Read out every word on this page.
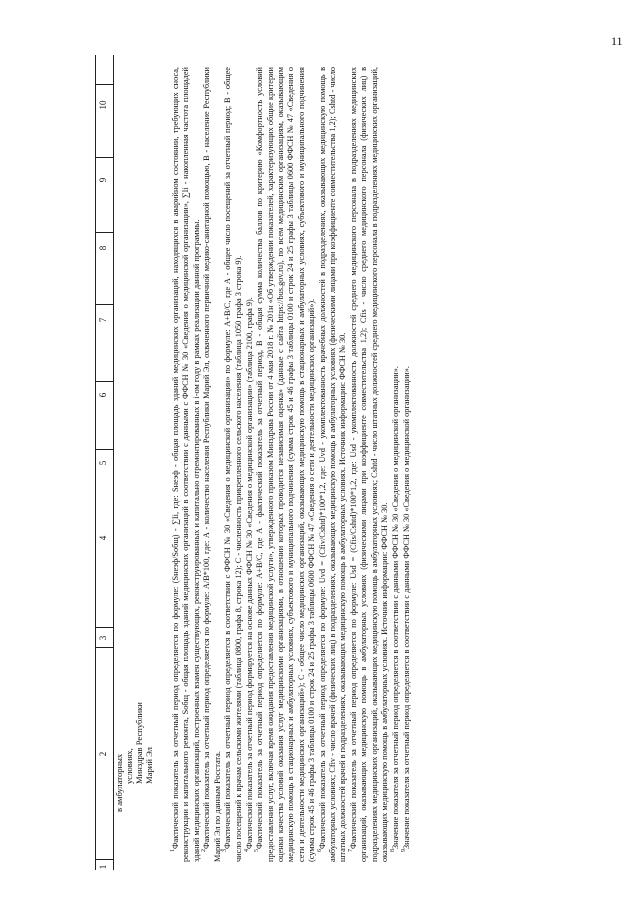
11
1
2
3
4
5
6
7
8
9
10
в амбулаторных условиях, Минздрав Республики Марий Эл

$^1$Фактический показатель за отчетный период определяется по формуле: (Sнеэф/Sобщ) - ∑Ii, где: Sнеэф - общая площадь зданий медицинских организаций, находящихся в аварийном состоянии, требующих сноса, реконструкции и капитального ремонта, Sобщ - общая площадь зданий медицинских организаций в соответствии с данными с ФФСН № 30 «Сведения о медицинской организации», ∑Ii - накопленная частота площадей зданий медицинских организаций, построенных взамен существующих, реконструированных и капитально отремонтированных в i-ом году в рамках реализации данной программы. $^2$Фактический показатель за отчетный период определяется по формуле: А/В*100, где: А - количество населения Республики Марий Эл, охваченного первичной медико-санитарной помощью, В - население Республики Марий Эл по данным Росстата. $^3$Фактический показатель за отчетный период определяется в соответствии с ФФСН № 30 «Сведения о медицинской организации» по формуле: А+В/С, где А - общее число посещений за отчетный период; В - общее число посещений к врачам сельскими жителями (таблица 0800, графа 8, строка 12); С - численность прикрепленного сельского населения (таблица 1050 графа 3 строка 9). $^4$Фактический показатель за отчетный период формируется на основе данных ФФСН № 30 «Сведения о медицинской организации» (таблица 2100, графа 9).

$^5$Фактический показатель за отчетный период определяется по формуле: А+В/С, где А - фактический показатель за отчетный период, В - общая сумма количества баллов по критерию «Комфортность условий предоставления услуг, включая время ожидания предоставления медицинской услуги», утвержденного приказом Минздрава России от 4 мая 2018 г. № 201н «Об утверждении показателей, характеризующих общие критерии оценки качества условий оказания услуг медицинскими организациями, в отношении которых проводится независимая оценка» (данные с сайта https://bus.gov.ru), по всем медицинским организациям, оказывающим медицинскую помощь в стационарных и амбулаторных условиях, субъектового и муниципального подчинения (сумма строк 45 и 46 графы 3 таблицы 0100 и строк 24 и 25 графы 3 таблицы 0600 ФФСН № 47 «Сведения о сети и деятельности медицинских организаций»); С - общее число медицинских организаций, оказывающих медицинскую помощь в стационарных и амбулаторных условиях, субъектового и муниципального подчинения (сумма строк 45 и 46 графы 3 таблицы 0100 и строк 24 и 25 графы 3 таблицы 0600 ФФСН № 47 «Сведения о сети и деятельности медицинских организаций»). $^6$Фактический показатель за отчетный период определяется по формуле: Uvd = (Cfiv/Cshtd)*100*1,2, где: Uvd - укомплектованность врачебных должностей в подразделениях, оказывающих медицинскую помощь в амбулаторных условиях; Cfiv - число врачей (физических лиц) в подразделениях, оказывающих медицинскую помощь в амбулаторных условиях (физическими лицами при коэффициенте совместительства 1,2); Cshtd - число штатных должностей врачей в подразделениях, оказывающих медицинскую помощь в амбулаторных условиях. Источник информации: ФФСН № 30. $^7$Фактический показатель за отчетный период определяется по формуле: Usd = (Cfis/Cshtd)*100*1,2, где: Usd - укомплектованность должностей среднего медицинского персонала в подразделениях медицинских организаций, оказывающих медицинскую помощь в амбулаторных условиях (физическими лицами при коэффициенте совместительства 1,2); Cfis - число среднего медицинского персонала (физических лиц) в подразделениях медицинских организаций, оказывающих медицинскую помощь в амбулаторных условиях; Cshtd - число штатных должностей среднего медицинского персонала в подразделениях медицинских организаций, оказывающих медицинскую помощь в амбулаторных условиях. Источник информации: ФФСН № 30. $^8$Значение показателя за отчетный период определяется в соответствии с данными ФФСН № 30 «Сведения о медицинской организации».

$^9$Значение показателя за отчетный период определяется в соответствии с данными ФФСН № 30 «Сведения о медицинской организации».
